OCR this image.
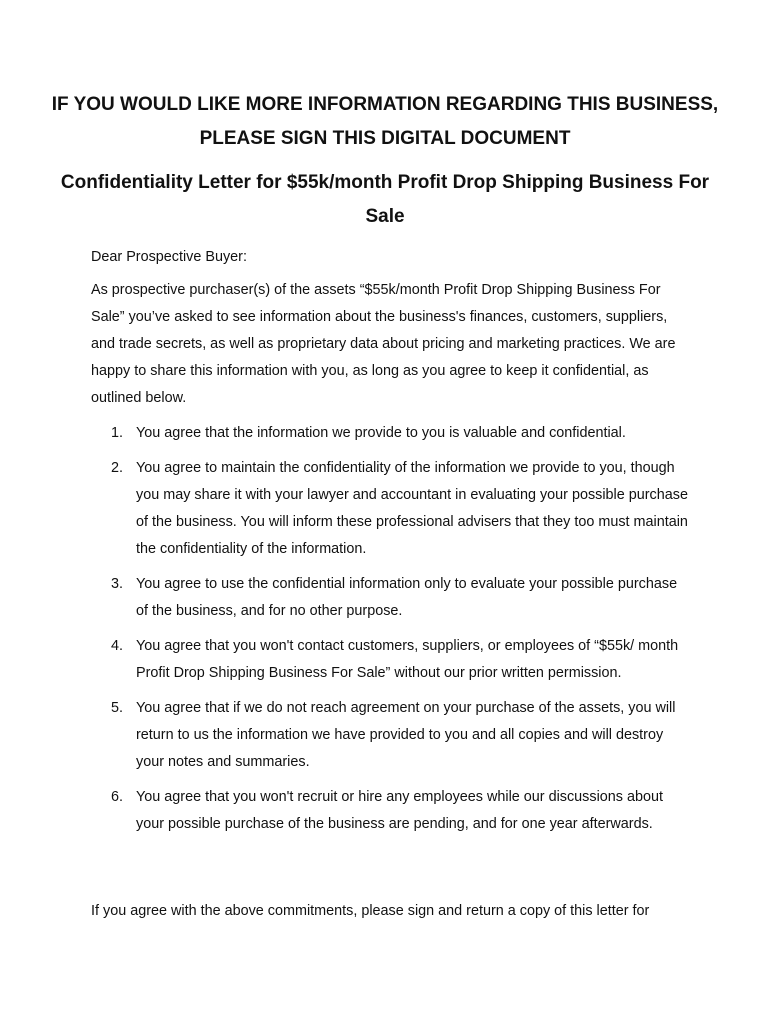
IF YOU WOULD LIKE MORE INFORMATION REGARDING THIS BUSINESS, PLEASE SIGN THIS DIGITAL DOCUMENT
Confidentiality Letter for $55k/month Profit Drop Shipping Business For Sale

Dear Prospective Buyer:

As prospective purchaser(s) of the assets “$55k/month Profit Drop Shipping Business For Sale” you’ve asked to see information about the business's finances, customers, suppliers, and trade secrets, as well as proprietary data about pricing and marketing practices. We are happy to share this information with you, as long as you agree to keep it confidential, as outlined below.

1. You agree that the information we provide to you is valuable and confidential.
2. You agree to maintain the confidentiality of the information we provide to you, though you may share it with your lawyer and accountant in evaluating your possible purchase of the business. You will inform these professional advisers that they too must maintain the confidentiality of the information.
3. You agree to use the confidential information only to evaluate your possible purchase of the business, and for no other purpose.
4. You agree that you won't contact customers, suppliers, or employees of “$55k/ month Profit Drop Shipping Business For Sale” without our prior written permission.
5. You agree that if we do not reach agreement on your purchase of the assets, you will return to us the information we have provided to you and all copies and will destroy your notes and summaries.
6. You agree that you won't recruit or hire any employees while our discussions about your possible purchase of the business are pending, and for one year afterwards.

If you agree with the above commitments, please sign and return a copy of this letter for
